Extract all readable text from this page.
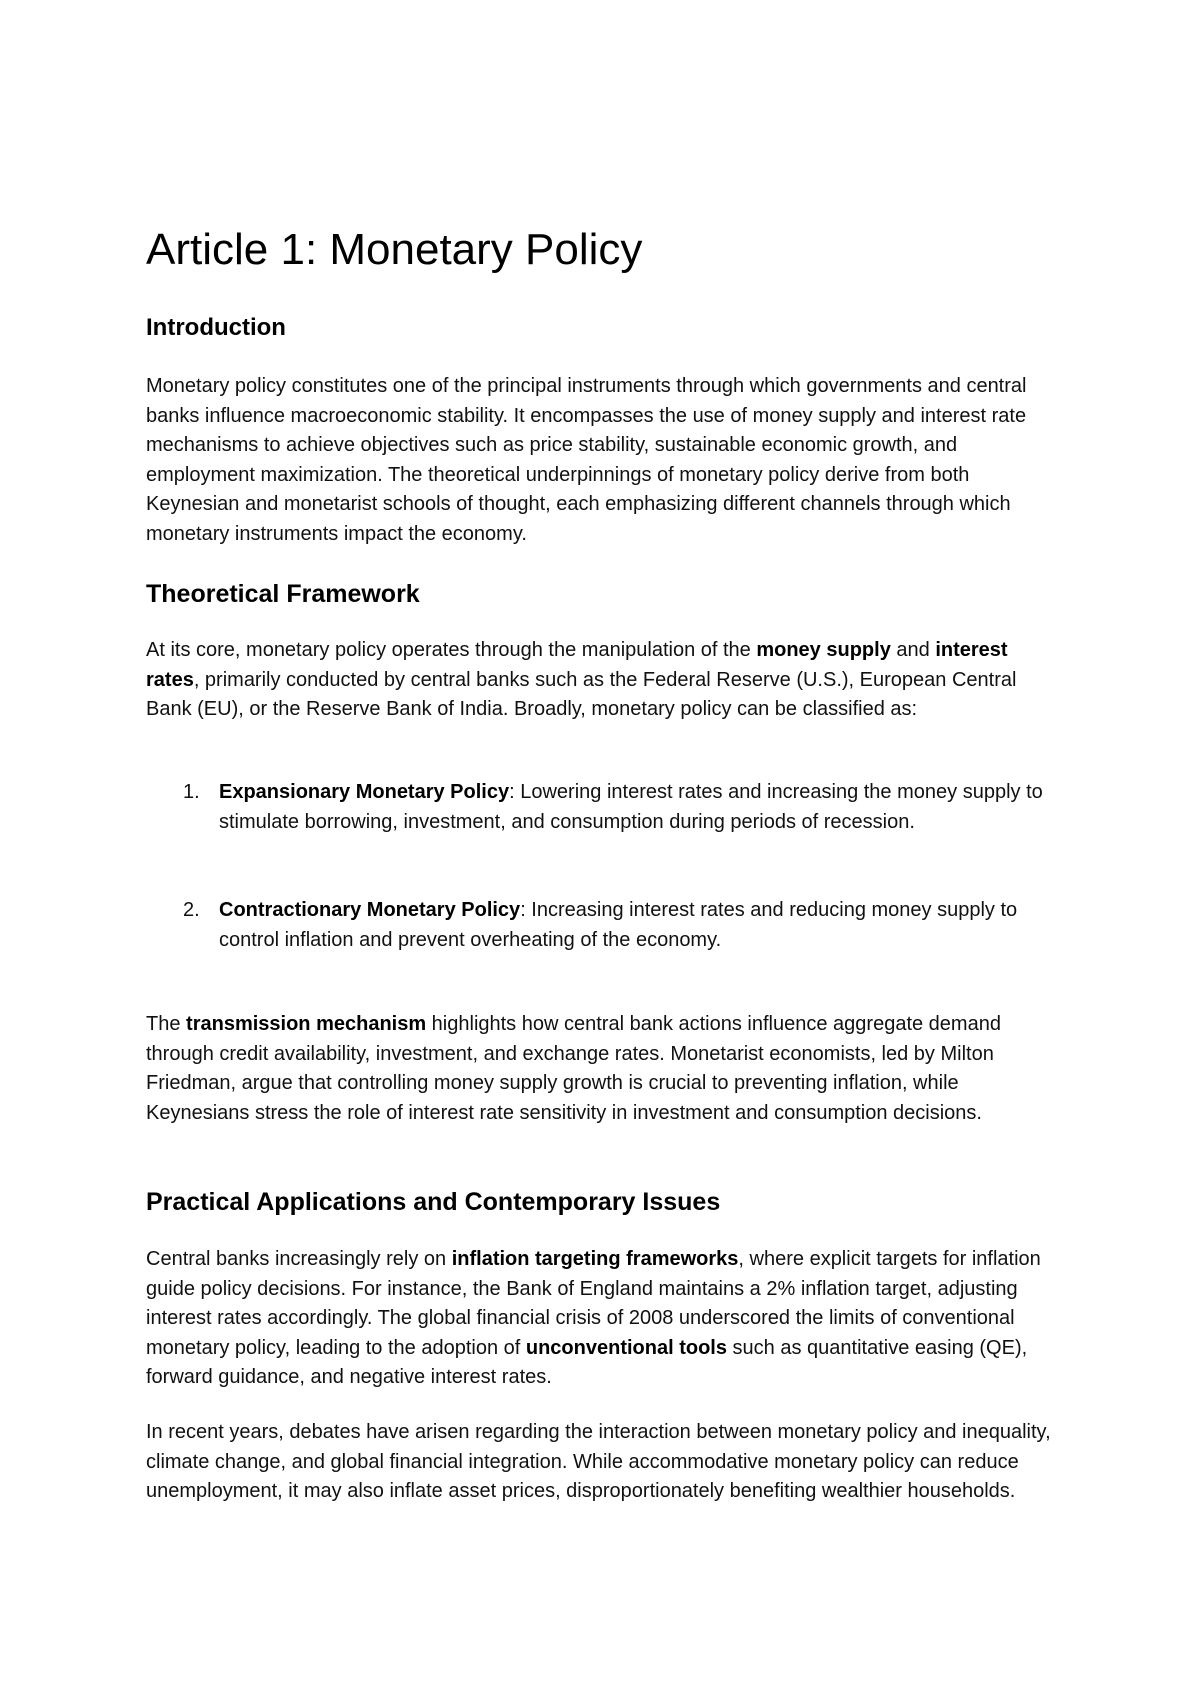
Article 1: Monetary Policy
Introduction

Monetary policy constitutes one of the principal instruments through which governments and central banks influence macroeconomic stability. It encompasses the use of money supply and interest rate mechanisms to achieve objectives such as price stability, sustainable economic growth, and employment maximization. The theoretical underpinnings of monetary policy derive from both Keynesian and monetarist schools of thought, each emphasizing different channels through which monetary instruments impact the economy.

Theoretical Framework

At its core, monetary policy operates through the manipulation of the money supply and interest rates, primarily conducted by central banks such as the Federal Reserve (U.S.), European Central Bank (EU), or the Reserve Bank of India. Broadly, monetary policy can be classified as:

1. Expansionary Monetary Policy: Lowering interest rates and increasing the money supply to stimulate borrowing, investment, and consumption during periods of recession.

2. Contractionary Monetary Policy: Increasing interest rates and reducing money supply to control inflation and prevent overheating of the economy.

The transmission mechanism highlights how central bank actions influence aggregate demand through credit availability, investment, and exchange rates. Monetarist economists, led by Milton Friedman, argue that controlling money supply growth is crucial to preventing inflation, while Keynesians stress the role of interest rate sensitivity in investment and consumption decisions.

Practical Applications and Contemporary Issues

Central banks increasingly rely on inflation targeting frameworks, where explicit targets for inflation guide policy decisions. For instance, the Bank of England maintains a 2% inflation target, adjusting interest rates accordingly. The global financial crisis of 2008 underscored the limits of conventional monetary policy, leading to the adoption of unconventional tools such as quantitative easing (QE), forward guidance, and negative interest rates.

In recent years, debates have arisen regarding the interaction between monetary policy and inequality, climate change, and global financial integration. While accommodative monetary policy can reduce unemployment, it may also inflate asset prices, disproportionately benefiting wealthier households.
